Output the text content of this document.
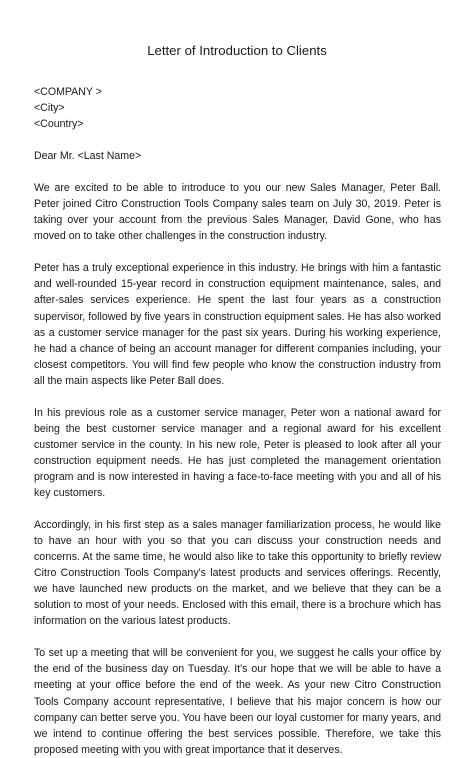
Letter of Introduction to Clients
<COMPANY >
<City>
<Country>
Dear Mr. <Last Name>

We are excited to be able to introduce to you our new Sales Manager, Peter Ball. Peter joined Citro Construction Tools Company sales team on July 30, 2019. Peter is taking over your account from the previous Sales Manager, David Gone, who has moved on to take other challenges in the construction industry.

Peter has a truly exceptional experience in this industry. He brings with him a fantastic and well-rounded 15-year record in construction equipment maintenance, sales, and after-sales services experience. He spent the last four years as a construction supervisor, followed by five years in construction equipment sales. He has also worked as a customer service manager for the past six years. During his working experience, he had a chance of being an account manager for different companies including, your closest competitors. You will find few people who know the construction industry from all the main aspects like Peter Ball does.

In his previous role as a customer service manager, Peter won a national award for being the best customer service manager and a regional award for his excellent customer service in the county. In his new role, Peter is pleased to look after all your construction equipment needs. He has just completed the management orientation program and is now interested in having a face-to-face meeting with you and all of his key customers.

Accordingly, in his first step as a sales manager familiarization process, he would like to have an hour with you so that you can discuss your construction needs and concerns. At the same time, he would also like to take this opportunity to briefly review Citro Construction Tools Company's latest products and services offerings. Recently, we have launched new products on the market, and we believe that they can be a solution to most of your needs. Enclosed with this email, there is a brochure which has information on the various latest products.

To set up a meeting that will be convenient for you, we suggest he calls your office by the end of the business day on Tuesday. It's our hope that we will be able to have a meeting at your office before the end of the week. As your new Citro Construction Tools Company account representative, I believe that his major concern is how our company can better serve you. You have been our loyal customer for many years, and we intend to continue offering the best services possible. Therefore, we take this proposed meeting with you with great importance that it deserves.
